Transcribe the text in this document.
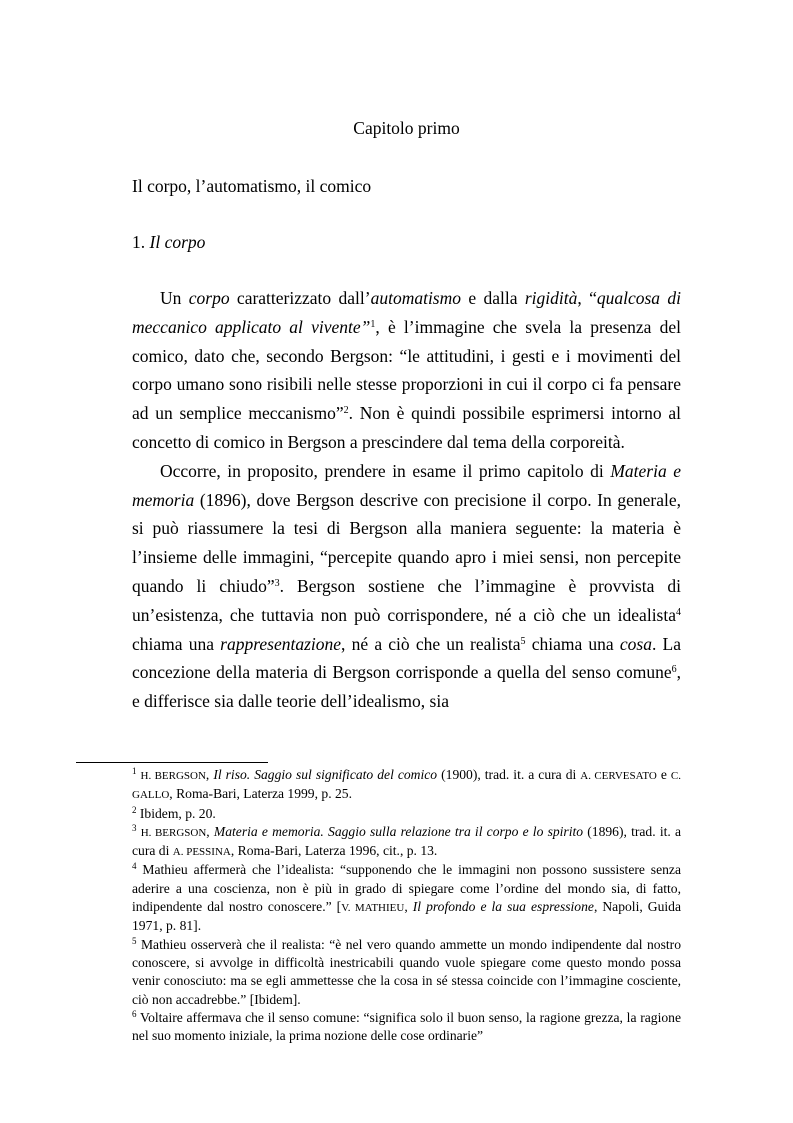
Capitolo primo
Il corpo, l’automatismo, il comico
1. Il corpo

Un corpo caratterizzato dall’automatismo e dalla rigidità, “qualcosa di meccanico applicato al vivente”$^1$, è l’immagine che svela la presenza del comico, dato che, secondo Bergson: “le attitudini, i gesti e i movimenti del corpo umano sono risibili nelle stesse proporzioni in cui il corpo ci fa pensare ad un semplice meccanismo”$^2$. Non è quindi possibile esprimersi intorno al concetto di comico in Bergson a prescindere dal tema della corporeità.

Occorre, in proposito, prendere in esame il primo capitolo di Materia e memoria (1896), dove Bergson descrive con precisione il corpo. In generale, si può riassumere la tesi di Bergson alla maniera seguente: la materia è l’insieme delle immagini, “percepite quando apro i miei sensi, non percepite quando li chiudo”$^3$. Bergson sostiene che l’immagine è provvista di un’esistenza, che tuttavia non può corrispondere, né a ciò che un idealista$^4$ chiama una rappresentazione, né a ciò che un realista$^5$ chiama una cosa. La concezione della materia di Bergson corrisponde a quella del senso comune$^6$, e differisce sia dalle teorie dell’idealismo, sia

$^1$ H. BERGSON, Il riso. Saggio sul significato del comico (1900), trad. it. a cura di A. CERVESATO e C. GALLO, Roma-Bari, Laterza 1999, p. 25.

$^2$ Ibidem, p. 20.

$^3$ H. BERGSON, Materia e memoria. Saggio sulla relazione tra il corpo e lo spirito (1896), trad. it. a cura di A. PESSINA, Roma-Bari, Laterza 1996, cit., p. 13.

$^4$ Mathieu affermerà che l’idealista: “supponendo che le immagini non possono sussistere senza aderire a una coscienza, non è più in grado di spiegare come l’ordine del mondo sia, di fatto, indipendente dal nostro conoscere.” [V. MATHIEU, Il profondo e la sua espressione, Napoli, Guida 1971, p. 81].

$^5$ Mathieu osserverà che il realista: “è nel vero quando ammette un mondo indipendente dal nostro conoscere, si avvolge in difficoltà inestricabili quando vuole spiegare come questo mondo possa venir conosciuto: ma se egli ammettesse che la cosa in sé stessa coincide con l’immagine cosciente, ciò non accadrebbe.” [Ibidem].

$^6$ Voltaire affermava che il senso comune: “significa solo il buon senso, la ragione grezza, la ragione nel suo momento iniziale, la prima nozione delle cose ordinarie”
